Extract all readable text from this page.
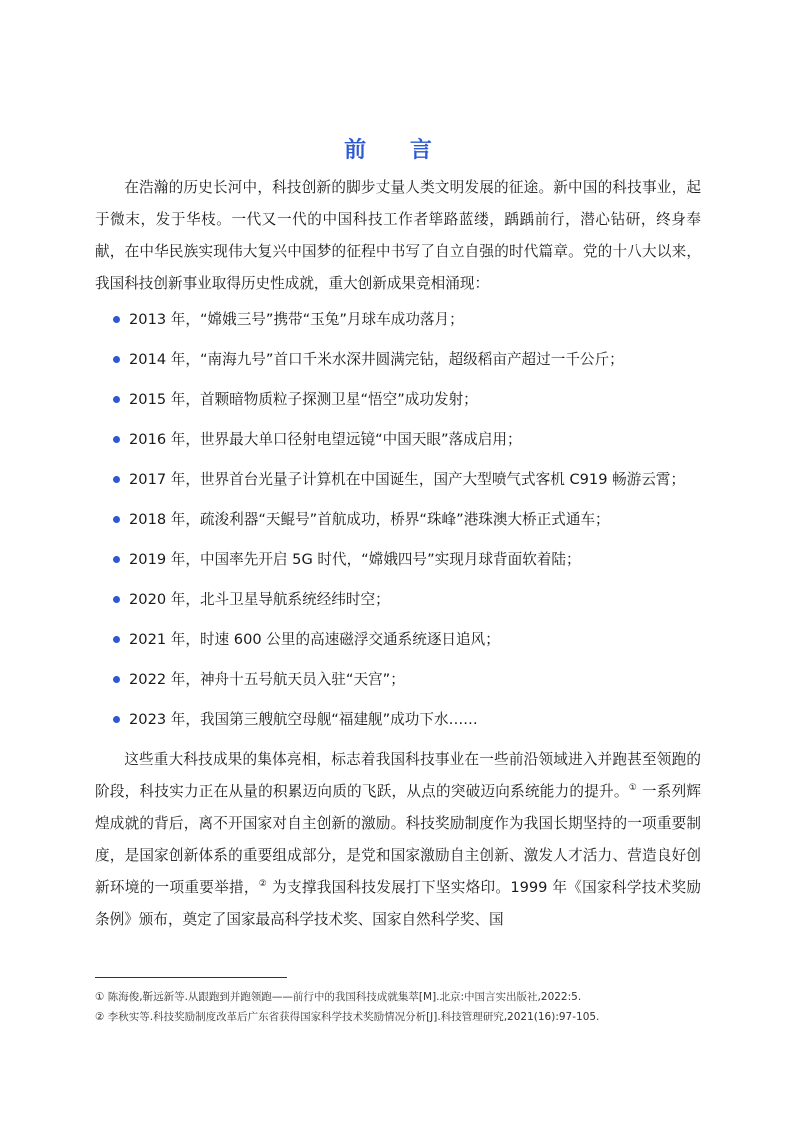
前 言

在浩瀚的历史长河中，科技创新的脚步丈量人类文明发展的征途。新中国的科技事业，起于微末，发于华枝。一代又一代的中国科技工作者筚路蓝缕，踽踽前行，潜心钻研，终身奉献，在中华民族实现伟大复兴中国梦的征程中书写了自立自强的时代篇章。党的十八大以来，我国科技创新事业取得历史性成就，重大创新成果竞相涌现：

2013 年，“嫦娥三号”携带“玉兔”月球车成功落月；
2014 年，“南海九号”首口千米水深井圆满完钻，超级稻亩产超过一千公斤；
2015 年，首颗暗物质粒子探测卫星“悟空”成功发射；
2016 年，世界最大单口径射电望远镜“中国天眼”落成启用；
2017 年，世界首台光量子计算机在中国诞生，国产大型喷气式客机 C919 畅游云霄；
2018 年，疏浚利器“天鲲号”首航成功，桥界“珠峰”港珠澳大桥正式通车；
2019 年，中国率先开启 5G 时代，“嫦娥四号”实现月球背面软着陆；
2020 年，北斗卫星导航系统经纬时空；
2021 年，时速 600 公里的高速磁浮交通系统逐日追风；
2022 年，神舟十五号航天员入驻“天宫”；
2023 年，我国第三艘航空母舰“福建舰”成功下水……

这些重大科技成果的集体亮相，标志着我国科技事业在一些前沿领域进入并跑甚至领跑的阶段，科技实力正在从量的积累迈向质的飞跃，从点的突破迈向系统能力的提升。① 一系列辉煌成就的背后，离不开国家对自主创新的激励。科技奖励制度作为我国长期坚持的一项重要制度，是国家创新体系的重要组成部分，是党和国家激励自主创新、激发人才活力、营造良好创新环境的一项重要举措，② 为支撑我国科技发展打下坚实烙印。1999 年《国家科学技术奖励条例》颁布，奠定了国家最高科学技术奖、国家自然科学奖、国

① 陈海俊,靳远新等.从跟跑到并跑领跑——前行中的我国科技成就集萃[M].北京:中国言实出版社,2022:5.
② 李秋实等.科技奖励制度改革后广东省获得国家科学技术奖励情况分析[J].科技管理研究,2021(16):97-105.
